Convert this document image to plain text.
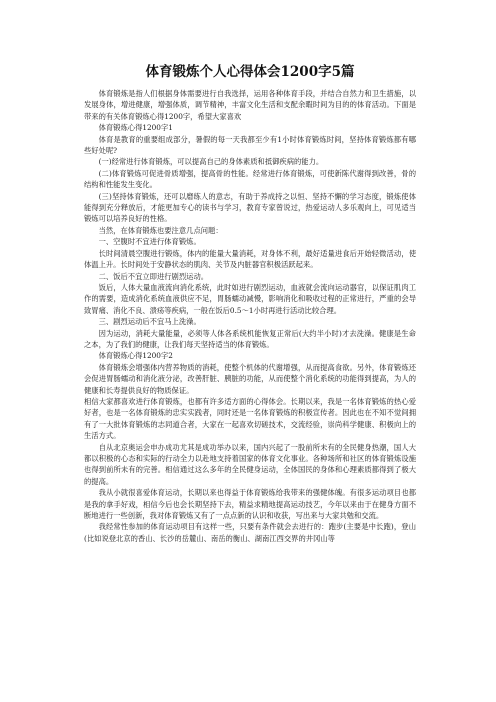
体育锻炼个人心得体会1200字5篇

体育锻炼是指人们根据身体需要进行自我选择，运用各种体育手段，并结合自然力和卫生措施，以发展身体，增进健康，增强体质，调节精神，丰富文化生活和支配余暇时间为目的的体育活动。下面是带来的有关体育锻炼心得1200字，希望大家喜欢

体育锻炼心得1200字1

体育是教育的重要组成部分，暑假的每一天我都至少有1小时体育锻炼时间，坚持体育锻炼都有哪些好处呢?

(一)经常进行体育锻炼，可以提高自己的身体素质和抵御疾病的能力。

(二)体育锻炼可促进骨质增强，提高骨的性能。经常进行体育锻炼，可使新陈代谢得到改善，骨的结构和性能发生变化。

(三)坚持体育锻炼，还可以磨练人的意志，有助于养成持之以恒、坚持不懈的学习态度，锻炼使体能得到充分释放后，才能更加专心的读书与学习，教育专家曾说过，热爱运动人多乐观向上，可见适当锻炼可以培养良好的性格。

当然，在体育锻炼也要注意几点问题：

一、空腹时不宜进行体育锻炼。

长时间清晨空腹进行锻炼，体内的能量大量消耗，对身体不利，最好适量进食后开始轻微活动，使体温上升。长时间处于安静状态的肌肉、关节及内脏器官积极活跃起来。

二、饭后不宜立即进行剧烈运动。

饭后，人体大量血液流向消化系统，此时如进行剧烈运动，血液就会流向运动器官，以保证肌肉工作的需要，造成消化系统血液供应不足，胃肠蠕动减慢，影响消化和吸收过程的正常进行，严重的会导致胃痛、消化不良、溃疡等疾病，一般在饭后0.5～1小时再进行活动比较合理。

三、剧烈运动后不宜马上洗澡。

因为运动，消耗大量能量，必须等人体各系统机能恢复正常后(大约半小时)才去洗澡。健康是生命之本，为了我们的健康，让我们每天坚持适当的体育锻炼。

体育锻炼心得1200字2

体育锻炼会增强体内营养物质的消耗，使整个机体的代谢增强，从而提高食欲。另外，体育锻炼还会促进胃肠蠕动和消化液分泌，改善肝脏、胰脏的功能，从而使整个消化系统的功能得到提高，为人的健康和长寿提供良好的物质保证。

相信大家都喜欢进行体育锻炼，也都有许多适方面的心得体会。长期以来，我是一名体育锻炼的热心爱好者，也是一名体育锻炼的忠实实践者，同时还是一名体育锻炼的积极宣传者。因此也在不知不觉间拥有了一大批体育锻炼的志同道合者，大家在一起喜欢切磋技术，交流经验，崇尚科学健康、积极向上的生活方式。

自从北京奥运会申办成功尤其是成功举办以来，国内兴起了一股前所未有的全民健身热潮，国人大都以积极的心态和实际的行动全力以赴地支持着国家的体育文化事业。各种场所和社区的体育锻炼设施也得到前所未有的完善。相信通过这么多年的全民健身运动，全体国民的身体和心理素质都得到了极大的提高。

我从小就很喜爱体育运动，长期以来也得益于体育锻炼给我带来的强健体魄。有很多运动项目也都是我的拿手好戏，相信今后也会长期坚持下去，精益求精地提高运动技艺，今年以来由于在健身方面不断地进行一些创新，我对体育锻炼又有了一点点新的认识和收获，写出来与大家共勉和交流。

我经常性参加的体育运动项目有这样一些，只要有条件就会去进行的：跑步(主要是中长跑)，登山(比如说登北京的香山、长沙的岳麓山、南岳的衡山、湖南江西交界的井冈山等
